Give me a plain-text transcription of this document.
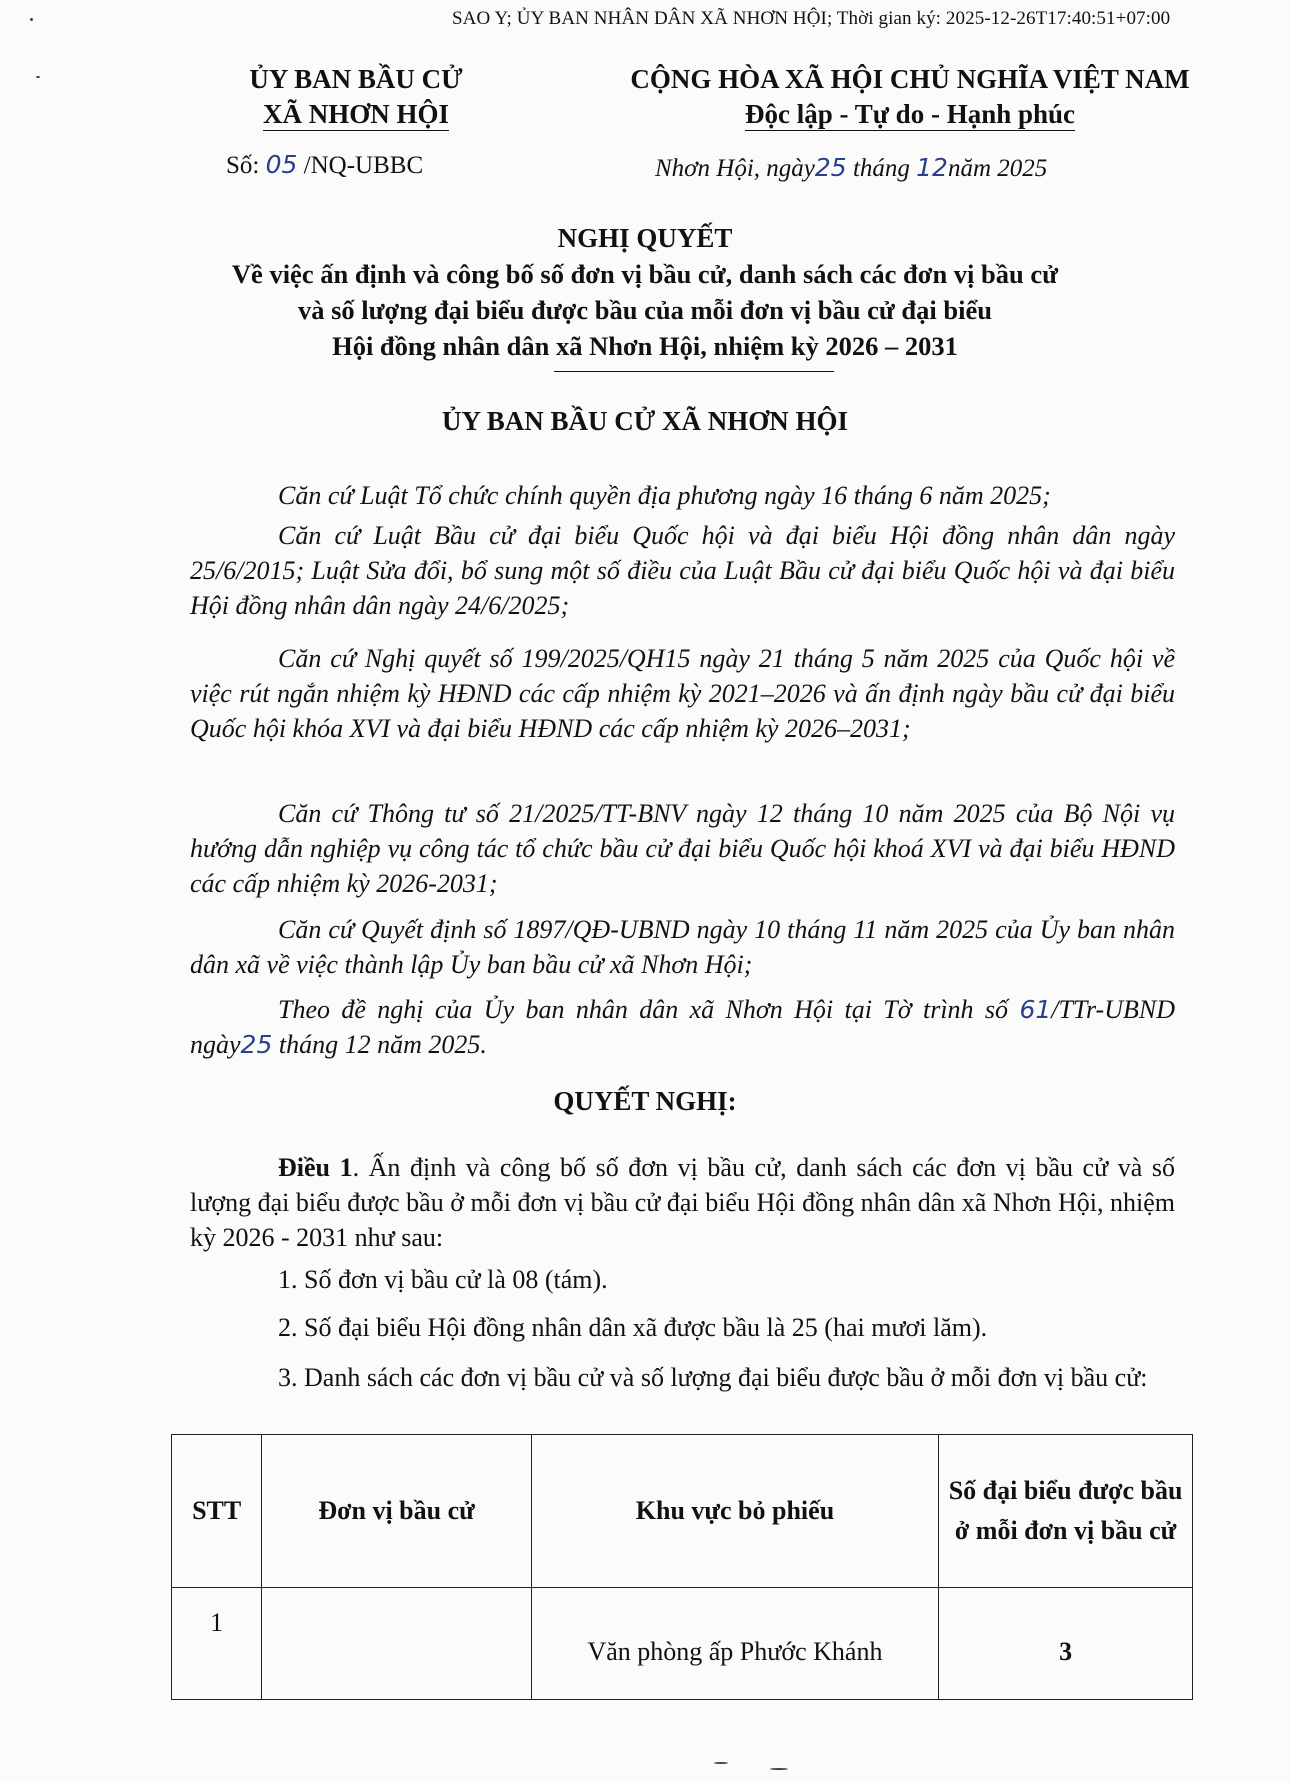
SAO Y; ỦY BAN NHÂN DÂN XÃ NHƠN HỘI; Thời gian ký: 2025-12-26T17:40:51+07:00
ỦY BAN BẦU CỬ
XÃ NHƠN HỘI
CỘNG HÒA XÃ HỘI CHỦ NGHĨA VIỆT NAM
Độc lập - Tự do - Hạnh phúc
Số: 05 /NQ-UBBC	Nhơn Hội, ngày25 tháng 12năm 2025
NGHỊ QUYẾT
Về việc ấn định và công bố số đơn vị bầu cử, danh sách các đơn vị bầu cử
và số lượng đại biểu được bầu của mỗi đơn vị bầu cử đại biểu
Hội đồng nhân dân xã Nhơn Hội, nhiệm kỳ 2026 – 2031
ỦY BAN BẦU CỬ XÃ NHƠN HỘI

Căn cứ Luật Tổ chức chính quyền địa phương ngày 16 tháng 6 năm 2025;

Căn cứ Luật Bầu cử đại biểu Quốc hội và đại biểu Hội đồng nhân dân ngày 25/6/2015; Luật Sửa đổi, bổ sung một số điều của Luật Bầu cử đại biểu Quốc hội và đại biểu Hội đồng nhân dân ngày 24/6/2025;

Căn cứ Nghị quyết số 199/2025/QH15 ngày 21 tháng 5 năm 2025 của Quốc hội về việc rút ngắn nhiệm kỳ HĐND các cấp nhiệm kỳ 2021–2026 và ấn định ngày bầu cử đại biểu Quốc hội khóa XVI và đại biểu HĐND các cấp nhiệm kỳ 2026–2031;

Căn cứ Thông tư số 21/2025/TT-BNV ngày 12 tháng 10 năm 2025 của Bộ Nội vụ hướng dẫn nghiệp vụ công tác tổ chức bầu cử đại biểu Quốc hội khoá XVI và đại biểu HĐND các cấp nhiệm kỳ 2026-2031;

Căn cứ Quyết định số 1897/QĐ-UBND ngày 10 tháng 11 năm 2025 của Ủy ban nhân dân xã về việc thành lập Ủy ban bầu cử xã Nhơn Hội;

Theo đề nghị của Ủy ban nhân dân xã Nhơn Hội tại Tờ trình số 61/TTr-UBND ngày25 tháng 12 năm 2025.

QUYẾT NGHỊ:

Điều 1. Ấn định và công bố số đơn vị bầu cử, danh sách các đơn vị bầu cử và số lượng đại biểu được bầu ở mỗi đơn vị bầu cử đại biểu Hội đồng nhân dân xã Nhơn Hội, nhiệm kỳ 2026 - 2031 như sau:

1. Số đơn vị bầu cử là 08 (tám).

2. Số đại biểu Hội đồng nhân dân xã được bầu là 25 (hai mươi lăm).

3. Danh sách các đơn vị bầu cử và số lượng đại biểu được bầu ở mỗi đơn vị bầu cử:

STT	Đơn vị bầu cử	Khu vực bỏ phiếu	Số đại biểu được bầu ở mỗi đơn vị bầu cử
1		Văn phòng ấp Phước Khánh	3
